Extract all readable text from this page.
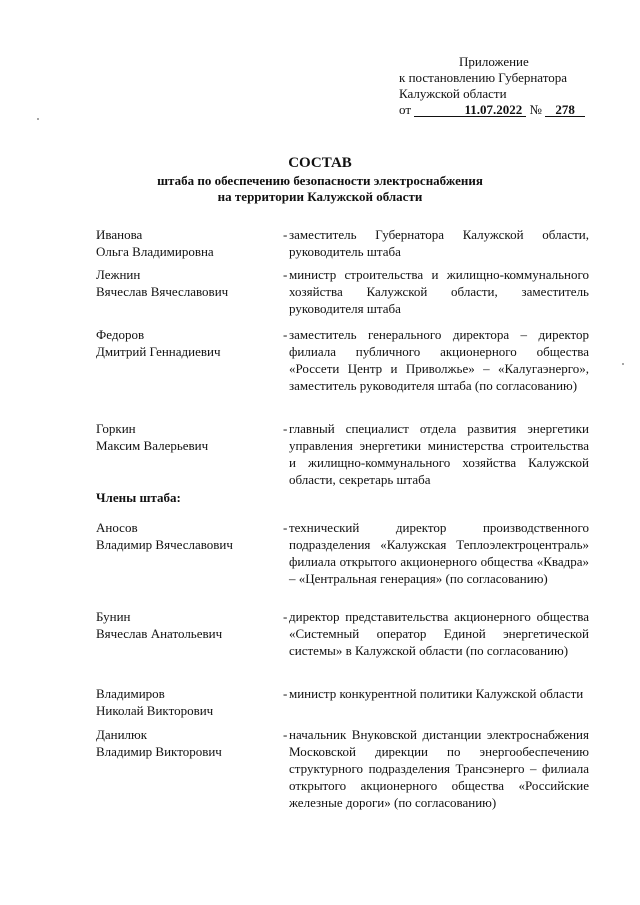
Приложение
к постановлению Губернатора
Калужской области
от	11.07.2022 № 278
СОСТАВ
штаба по обеспечению безопасности электроснабжения
на территории Калужской области
Иванова
Ольга Владимировна
- заместитель Губернатора Калужской области, руководитель штаба
Лежнин
Вячеслав Вячеславович
- министр строительства и жилищно-коммунального хозяйства Калужской области, заместитель руководителя штаба
Федоров
Дмитрий Геннадиевич
- заместитель генерального директора – директор филиала публичного акционерного общества «Россети Центр и Приволжье» – «Калугаэнерго», заместитель руководителя штаба (по согласованию)
Горкин
Максим Валерьевич
- главный специалист отдела развития энергетики управления энергетики министерства строительства и жилищно-коммунального хозяйства Калужской области, секретарь штаба
Члены штаба:
Аносов
Владимир Вячеславович
- технический директор производственного подразделения «Калужская Теплоэлектроцентраль» филиала открытого акционерного общества «Квадра» – «Центральная генерация» (по согласованию)
Бунин
Вячеслав Анатольевич
- директор представительства акционерного общества «Системный оператор Единой энергетической системы» в Калужской области (по согласованию)
Владимиров
Николай Викторович
- министр конкурентной политики Калужской области
Данилюк
Владимир Викторович
- начальник Внуковской дистанции электроснабжения Московской дирекции по энергообеспечению структурного подразделения Трансэнерго – филиала открытого акционерного общества «Российские железные дороги» (по согласованию)
